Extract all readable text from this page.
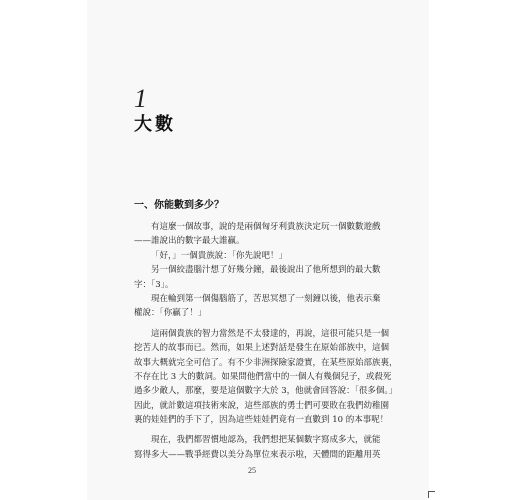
1
大數
一、你能數到多少？
有這麼一個故事，說的是兩個匈牙利貴族決定玩一個數數遊戲
——誰說出的數字最大誰贏。
「好，」一個貴族說：「你先說吧！」
另一個絞盡腦汁想了好幾分鐘，最後說出了他所想到的最大數
字：「3」。
現在輪到第一個傷腦筋了，苦思冥想了一刻鐘以後，他表示棄
權說：「你贏了！」
這兩個貴族的智力當然是不太發達的，再說，這很可能只是一個
挖苦人的故事而已。然而，如果上述對話是發生在原始部族中，這個
故事大概就完全可信了。有不少非洲探險家證實，在某些原始部族裏，
不存在比 3 大的數詞。如果問他們當中的一個人有幾個兒子，或殺死
過多少敵人，那麼，要是這個數字大於 3，他就會回答說：「很多個。」
因此，就計數這項技術來說，這些部族的勇士們可要敗在我們幼稚園
裏的娃娃們的手下了，因為這些娃娃們竟有一直數到 10 的本事呢！
現在，我們都習慣地認為，我們想把某個數字寫成多大，就能
寫得多大——戰爭經費以美分為單位來表示啦，天體間的距離用英
25
